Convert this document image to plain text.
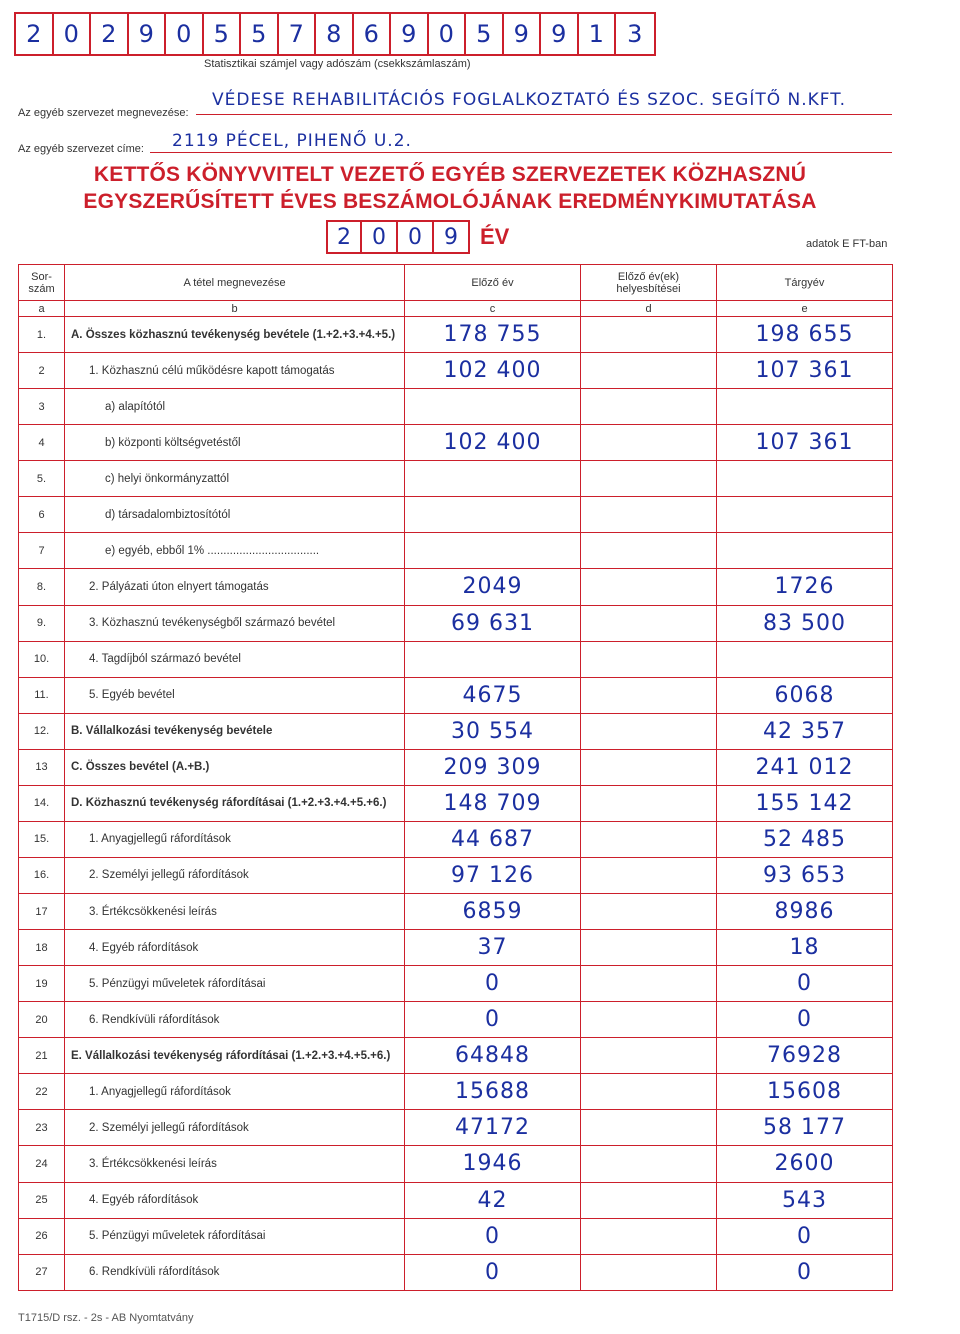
2 0 2 9 0 5 5 7 8 6 9 0 5 9 9 1 3
Statisztikai számjel vagy adószám (csekkszámlaszám)
Az egyéb szervezet megnevezése:
VÉDESE REHABILITÁCIÓS FOGLALKOZTATÓ ÉS SZOC. SEGÍTŐ N.KFT.
Az egyéb szervezet címe: 2119 PÉCEL, PIHENŐ U.2.
KETTŐS KÖNYVVITELT VEZETŐ EGYÉB SZERVEZETEK KÖZHASZNÚ
EGYSZERŰSÍTETT ÉVES BESZÁMOLÓJÁNAK EREDMÉNYKIMUTATÁSA
2 0	0	9	ÉV	adatok E FT-ban
Sor-szám	A tétel megnevezése	Előző év	Előző év(ek) helyesbítései	Tárgyév
a	b	c	d	e
1.	A. Összes közhasznú tevékenység bevétele (1.+2.+3.+4.+5.)	178 755		198 655
2	1. Közhasznú célú működésre kapott támogatás	102 400		107 361
3	a) alapítótól			
4	b) központi költségvetéstől	102 400		107 361
5.	c) helyi önkormányzattól			
6	d) társadalombiztosítótól			
7	e) egyéb, ebből 1% ...................................			
8.	2. Pályázati úton elnyert támogatás	2049		1726
9.	3. Közhasznú tevékenységből származó bevétel	69 631		83 500
10.	4. Tagdíjból származó bevétel			
11.	5. Egyéb bevétel	4675		6068
12.	B. Vállalkozási tevékenység bevétele	30 554		42 357
13	C. Összes bevétel (A.+B.)	209 309		241 012
14.	D. Közhasznú tevékenység ráfordításai (1.+2.+3.+4.+5.+6.)	148 709		155 142
15.	1. Anyagjellegű ráfordítások	44 687		52 485
16.	2. Személyi jellegű ráfordítások	97 126		93 653
17	3. Értékcsökkenési leírás	6859		8986
18	4. Egyéb ráfordítások	37		18
19	5. Pénzügyi műveletek ráfordításai	0		0
20	6. Rendkívüli ráfordítások	0		0
21	E. Vállalkozási tevékenység ráfordításai (1.+2.+3.+4.+5.+6.)	64848		76928
22	1. Anyagjellegű ráfordítások	15688		15608
23	2. Személyi jellegű ráfordítások	47172		58 177
24	3. Értékcsökkenési leírás	1946		2600
25	4. Egyéb ráfordítások	42		543
26	5. Pénzügyi műveletek ráfordításai	0		0
27	6. Rendkívüli ráfordítások	0		0
T1715/D rsz. - 2s - AB Nyomtatvány
